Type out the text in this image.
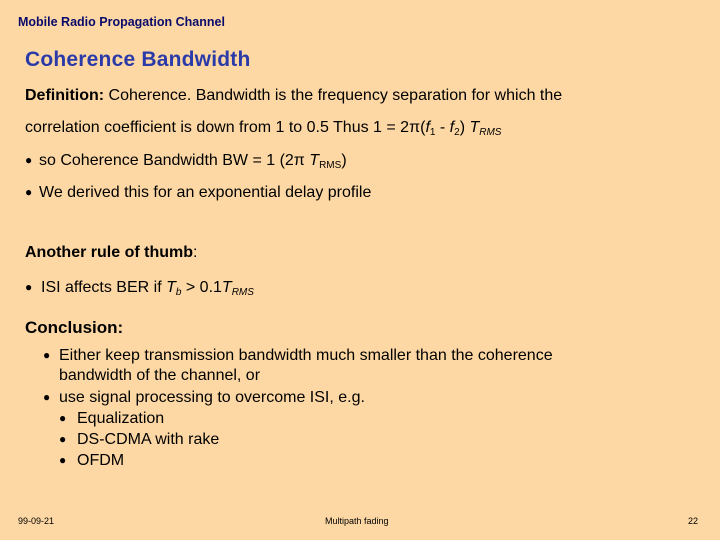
Mobile Radio Propagation Channel
Coherence Bandwidth
Definition: Coherence. Bandwidth is the frequency separation for which the
correlation coefficient is down from 1 to 0.5 Thus $1 = 2\pi(f_1 - f_2)$ $T_{RMS}$
● so Coherence Bandwidth BW = 1 (2π $T_{RMS}$)
● We derived this for an exponential delay profile
Another rule of thumb:
● ISI affects BER if $T_b > 0.1T_{RMS}$
Conclusion:
● Either keep transmission bandwidth much smaller than the coherence
bandwidth of the channel, or
● use signal processing to overcome ISI, e.g.
● Equalization
● DS-CDMA with rake
● OFDM
99-09-21	Multipath fading	22
